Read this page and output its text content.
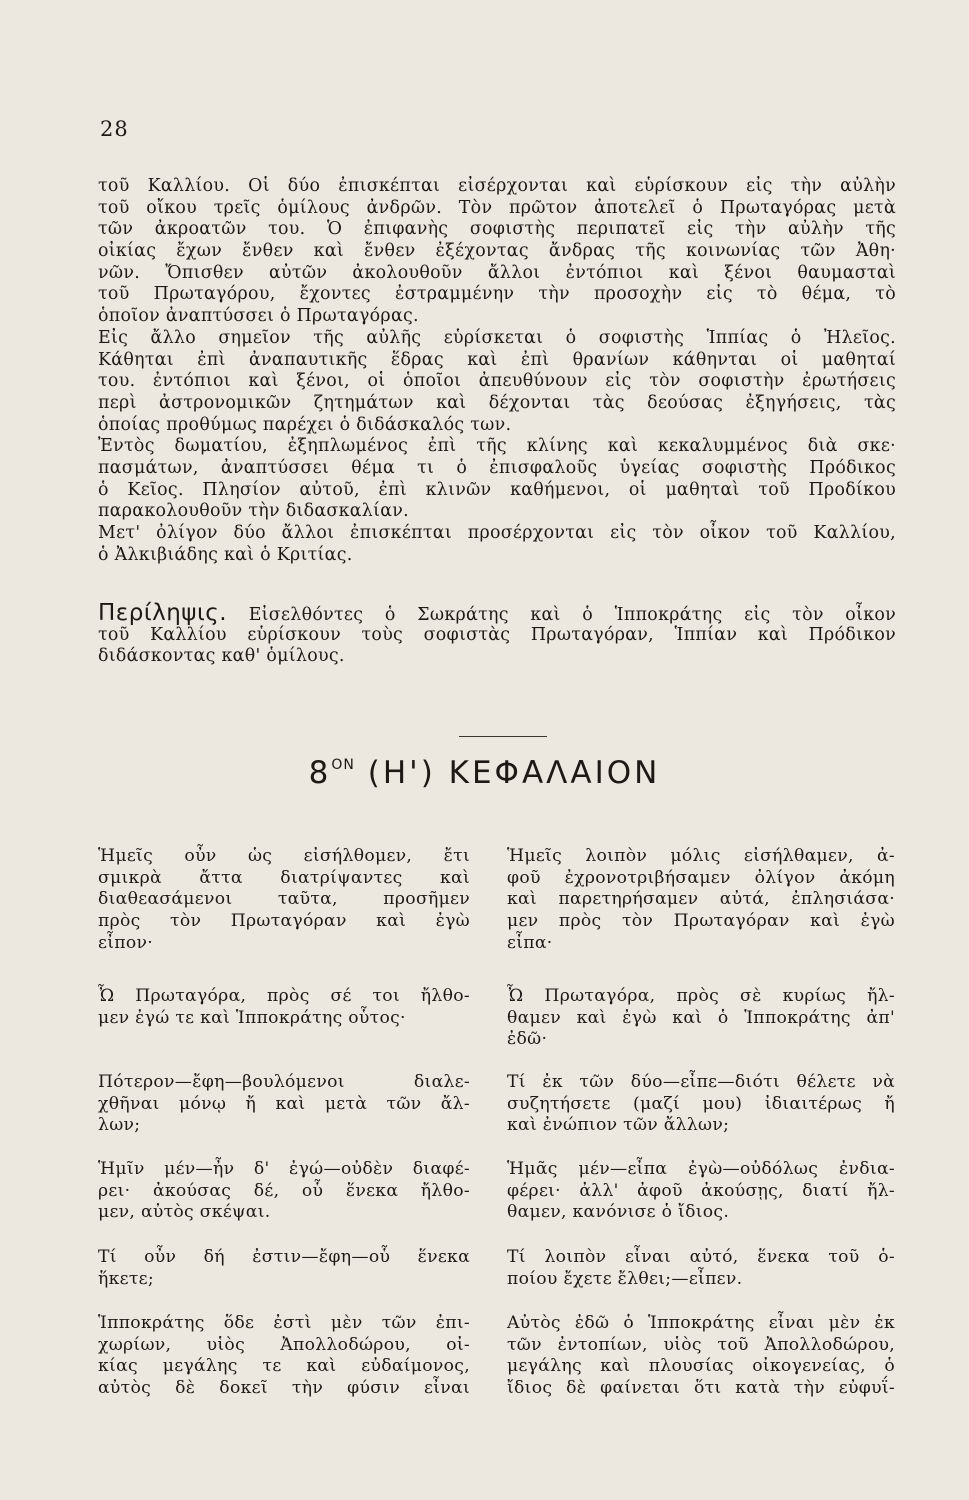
28
τοῦ Καλλίου. Οἱ δύο ἐπισκέπται εἰσέρχονται καὶ εὑρίσκουν εἰς τὴν αὐλὴν
τοῦ οἴκου τρεῖς ὁμίλους ἀνδρῶν. Τὸν πρῶτον ἀποτελεῖ ὁ Πρωταγόρας μετὰ
τῶν ἀκροατῶν του. Ὁ ἐπιφανὴς σοφιστὴς περιπατεῖ εἰς τὴν αὐλὴν τῆς
οἰκίας ἔχων ἔνθεν καὶ ἔνθεν ἐξέχοντας ἄνδρας τῆς κοινωνίας τῶν Ἀθη·
νῶν. Ὄπισθεν αὐτῶν ἀκολουθοῦν ἄλλοι ἐντόπιοι καὶ ξένοι θαυμασταὶ
τοῦ Πρωταγόρου, ἔχοντες ἐστραμμένην τὴν προσοχὴν εἰς τὸ θέμα, τὸ
ὁποῖον ἀναπτύσσει ὁ Πρωταγόρας.
Εἰς ἄλλο σημεῖον τῆς αὐλῆς εὑρίσκεται ὁ σοφιστὴς Ἱππίας ὁ Ἠλεῖος.
Κάθηται ἐπὶ ἀναπαυτικῆς ἕδρας καὶ ἐπὶ θρανίων κάθηνται οἱ μαθηταί
του. ἐντόπιοι καὶ ξένοι, οἱ ὁποῖοι ἀπευθύνουν εἰς τὸν σοφιστὴν ἐρωτήσεις
περὶ ἀστρονομικῶν ζητημάτων καὶ δέχονται τὰς δεούσας ἐξηγήσεις, τὰς
ὁποίας προθύμως παρέχει ὁ διδάσκαλός των.
Ἐντὸς δωματίου, ἐξηπλωμένος ἐπὶ τῆς κλίνης καὶ κεκαλυμμένος διὰ σκε·
πασμάτων, ἀναπτύσσει θέμα τι ὁ ἐπισφαλοῦς ὑγείας σοφιστὴς Πρόδικος
ὁ Κεῖος. Πλησίον αὐτοῦ, ἐπὶ κλινῶν καθήμενοι, οἱ μαθηταὶ τοῦ Προδίκου
παρακολουθοῦν τὴν διδασκαλίαν.
Μετ' ὀλίγον δύο ἄλλοι ἐπισκέπται προσέρχονται εἰς τὸν οἶκον τοῦ Καλλίου,
ὁ Ἀλκιβιάδης καὶ ὁ Κριτίας.
Περίληψις. Εἰσελθόντες ὁ Σωκράτης καὶ ὁ Ἱπποκράτης εἰς τὸν οἶκον
τοῦ Καλλίου εὑρίσκουν τοὺς σοφιστὰς Πρωταγόραν, Ἱππίαν καὶ Πρόδικον
διδάσκοντας καθ' ὁμίλους.
$8^{ON}$ (Η') ΚΕΦΑΛΑΙΟΝ
Ἡμεῖς οὖν ὡς εἰσήλθομεν, ἔτι
σμικρὰ ἄττα διατρίψαντες καὶ
διαθεασάμενοι ταῦτα, προσῆμεν
πρὸς τὸν Πρωταγόραν καὶ ἐγὼ
εἶπον·
Ὦ Πρωταγόρα, πρὸς σέ τοι ἤλθο-
μεν ἐγώ τε καὶ Ἱπποκράτης οὗτος·
Πότερον—ἔφη—βουλόμενοι διαλε-
χθῆναι μόνῳ ἤ καὶ μετὰ τῶν ἄλ-
λων;
Ἡμῖν μέν—ἦν δ' ἐγώ—οὐδὲν διαφέ-
ρει· ἀκούσας δέ, οὗ ἕνεκα ἤλθο-
μεν, αὐτὸς σκέψαι.
Τί οὖν δή ἐστιν—ἔφη—οὗ ἕνεκα
ἥκετε;
Ἱπποκράτης ὅδε ἐστὶ μὲν τῶν ἐπι-
χωρίων, υἱὸς Ἀπολλοδώρου, οἰ-
κίας μεγάλης τε καὶ εὐδαίμονος,
αὐτὸς δὲ δοκεῖ τὴν φύσιν εἶναι
Ἡμεῖς λοιπὸν μόλις εἰσήλθαμεν, ἀ-
φοῦ ἐχρονοτριβήσαμεν ὀλίγον ἀκόμη
καὶ παρετηρήσαμεν αὐτά, ἐπλησιάσα·
μεν πρὸς τὸν Πρωταγόραν καὶ ἐγὼ
εἶπα·
Ὦ Πρωταγόρα, πρὸς σὲ κυρίως ἤλ-
θαμεν καὶ ἐγὼ καὶ ὁ Ἱπποκράτης ἀπ'
ἐδῶ·
Τί ἐκ τῶν δύο—εἶπε—διότι θέλετε νὰ
συζητήσετε (μαζί μου) ἰδιαιτέρως ἤ
καὶ ἐνώπιον τῶν ἄλλων;
Ἡμᾶς μέν—εἶπα ἐγὼ—οὐδόλως ἐνδια-
φέρει· ἀλλ' ἀφοῦ ἀκούσῃς, διατί ἤλ-
θαμεν, κανόνισε ὁ ἴδιος.
Τί λοιπὸν εἶναι αὐτό, ἕνεκα τοῦ ὁ-
ποίου ἔχετε ἔλθει;—εἶπεν.
Αὐτὸς ἐδῶ ὁ Ἱπποκράτης εἶναι μὲν ἐκ
τῶν ἐντοπίων, υἱὸς τοῦ Ἀπολλοδώρου,
μεγάλης καὶ πλουσίας οἰκογενείας, ὁ
ἴδιος δὲ φαίνεται ὅτι κατὰ τὴν εὐφυΐ-
